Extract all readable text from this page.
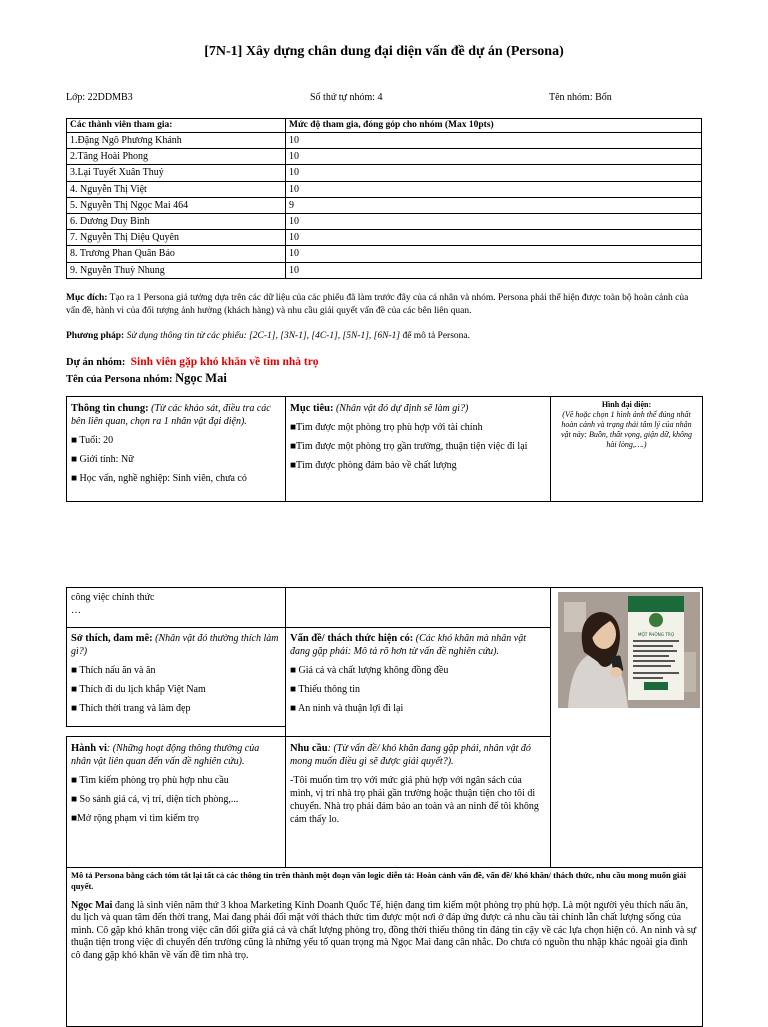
[7N-1] Xây dựng chân dung đại diện vấn đề dự án (Persona)
Lớp: 22DDMB3	Số thứ tự nhóm: 4	Tên nhóm: Bốn
Các thành viên tham gia:	Mức độ tham gia, đóng góp cho nhóm (Max 10pts)
1.Đặng Ngô Phương Khánh	10
2.Tăng Hoài Phong	10
3.Lại Tuyết Xuân Thuỷ	10
4. Nguyễn Thị Việt	10
5. Nguyễn Thị Ngọc Mai 464	9
6. Dương Duy Bình	10
7. Nguyễn Thị Diệu Quyên	10
8. Trương Phan Quân Bảo	10
9. Nguyễn Thuỳ Nhung	10
Mục đích: Tạo ra 1 Persona giả tưởng dựa trên các dữ liệu của các phiếu đã làm trước đây của cá nhân và nhóm. Persona phải thể hiện được toàn bộ hoàn cảnh của vấn đề, hành vi của đối tượng ảnh hưởng (khách hàng) và nhu cầu giải quyết vấn đề của các bên liên quan.
Phương pháp: Sử dụng thông tin từ các phiếu: [2C-1], [3N-1], [4C-1], [5N-1], [6N-1] để mô tả Persona.
Dự án nhóm: Sinh viên gặp khó khăn về tìm nhà trọ
Tên của Persona nhóm: Ngọc Mai

Thông tin chung: (Từ các khảo sát, điều tra các bên liên quan, chọn ra 1 nhân vật đại diện).

■ Tuổi: 20

■ Giới tính: Nữ

■ Học vấn, nghề nghiệp: Sinh viên, chưa có

Mục tiêu: (Nhân vật đó dự định sẽ làm gì?)

■Tìm được một phòng trọ phù hợp với tài chính

■Tìm được một phòng trọ gần trường, thuận tiện việc đi lại

■Tìm được phòng đảm bảo về chất lượng

Hình đại diện:
(Vẽ hoặc chọn 1 hình ảnh thể đúng nhất hoàn cảnh và trạng thái tâm lý của nhân vật này: Buồn, thất vọng, giận dữ, không hài lòng,….)

công việc chính thức

…

MỘT PHÒNG TRỌ

Sở thích, đam mê: (Nhân vật đó thường thích làm gì?)

■ Thích nấu ăn và ăn

■ Thích đi du lịch khắp Việt Nam

■ Thích thời trang và làm đẹp

Vấn đề/ thách thức hiện có: (Các khó khăn mà nhân vật đang gặp phải: Mô tả rõ hơn từ vấn đề nghiên cứu).

■ Giá cả và chất lượng không đồng đều

■ Thiếu thông tin

■ An ninh và thuận lợi đi lại

Hành vi: (Những hoạt động thông thường của nhân vật liên quan đến vấn đề nghiên cứu).

■ Tìm kiếm phòng trọ phù hợp nhu cầu

■ So sánh giá cả, vị trí, diện tích phòng,...

■Mở rộng phạm vi tìm kiếm trọ

Nhu cầu: (Từ vấn đề/ khó khăn đang gặp phải, nhân vật đó mong muốn điều gì sẽ được giải quyết?).

-Tôi muốn tìm trọ với mức giá phù hợp với ngân sách của mình, vị trí nhà trọ phải gần trường hoặc thuận tiện cho tôi di chuyển. Nhà trọ phải đảm bảo an toàn và an ninh để tôi không cảm thấy lo.

Mô tả Persona bằng cách tóm tắt lại tất cả các thông tin trên thành một đoạn văn logic diễn tả: Hoàn cảnh vấn đề, vấn đề/ khó khăn/ thách thức, nhu cầu mong muốn giải quyết.

Ngọc Mai đang là sinh viên năm thứ 3 khoa Marketing Kinh Doanh Quốc Tế, hiện đang tìm kiếm một phòng trọ phù hợp. Là một người yêu thích nấu ăn, du lịch và quan tâm đến thời trang, Mai đang phải đối mặt với thách thức tìm được một nơi ở đáp ứng được cả nhu cầu tài chính lẫn chất lượng sống của mình. Cô gặp khó khăn trong việc cân đối giữa giá cả và chất lượng phòng trọ, đồng thời thiếu thông tin đáng tin cậy về các lựa chọn hiện có. An ninh và sự thuận tiện trong việc di chuyển đến trường cũng là những yếu tố quan trọng mà Ngọc Mai đang cân nhắc. Do chưa có nguồn thu nhập khác ngoài gia đình cô đang gặp khó khăn về vấn đề tìm nhà trọ.
